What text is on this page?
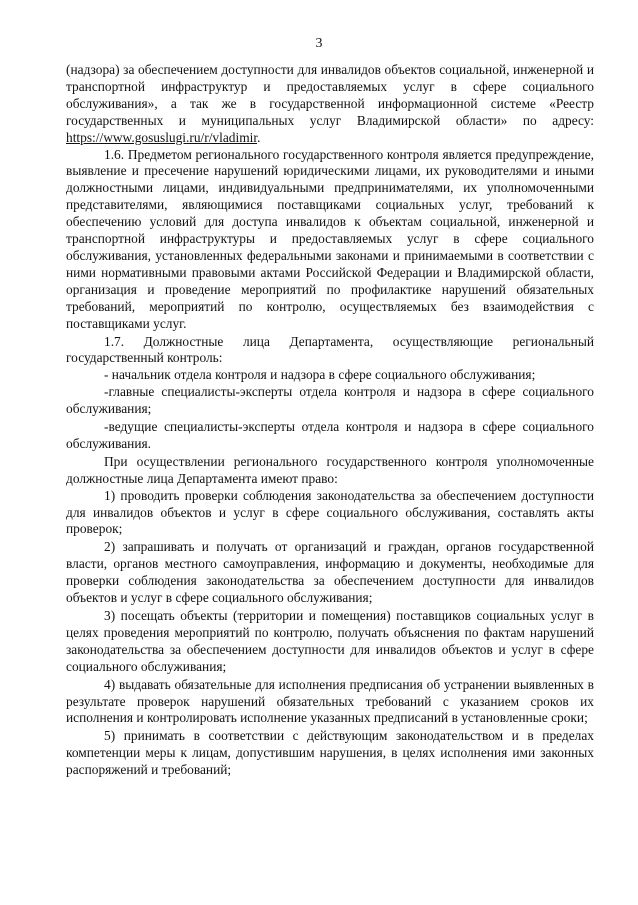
3

(надзора) за обеспечением доступности для инвалидов объектов социальной, инженерной и транспортной инфраструктур и предоставляемых услуг в сфере социального обслуживания», а так же в государственной информационной системе «Реестр государственных и муниципальных услуг Владимирской области» по адресу: https://www.gosuslugi.ru/r/vladimir.

1.6. Предметом регионального государственного контроля является предупреждение, выявление и пресечение нарушений юридическими лицами, их руководителями и иными должностными лицами, индивидуальными предпринимателями, их уполномоченными представителями, являющимися поставщиками социальных услуг, требований к обеспечению условий для доступа инвалидов к объектам социальной, инженерной и транспортной инфраструктуры и предоставляемых услуг в сфере социального обслуживания, установленных федеральными законами и принимаемыми в соответствии с ними нормативными правовыми актами Российской Федерации и Владимирской области, организация и проведение мероприятий по профилактике нарушений обязательных требований, мероприятий по контролю, осуществляемых без взаимодействия с поставщиками услуг.

1.7. Должностные лица Департамента, осуществляющие региональный государственный контроль:

- начальник отдела контроля и надзора в сфере социального обслуживания;

-главные специалисты-эксперты отдела контроля и надзора в сфере социального обслуживания;

-ведущие специалисты-эксперты отдела контроля и надзора в сфере социального обслуживания.

При осуществлении регионального государственного контроля уполномоченные должностные лица Департамента имеют право:

1) проводить проверки соблюдения законодательства за обеспечением доступности для инвалидов объектов и услуг в сфере социального обслуживания, составлять акты проверок;

2) запрашивать и получать от организаций и граждан, органов государственной власти, органов местного самоуправления, информацию и документы, необходимые для проверки соблюдения законодательства за обеспечением доступности для инвалидов объектов и услуг в сфере социального обслуживания;

3) посещать объекты (территории и помещения) поставщиков социальных услуг в целях проведения мероприятий по контролю, получать объяснения по фактам нарушений законодательства за обеспечением доступности для инвалидов объектов и услуг в сфере социального обслуживания;

4) выдавать обязательные для исполнения предписания об устранении выявленных в результате проверок нарушений обязательных требований с указанием сроков их исполнения и контролировать исполнение указанных предписаний в установленные сроки;

5) принимать в соответствии с действующим законодательством и в пределах компетенции меры к лицам, допустившим нарушения, в целях исполнения ими законных распоряжений и требований;
